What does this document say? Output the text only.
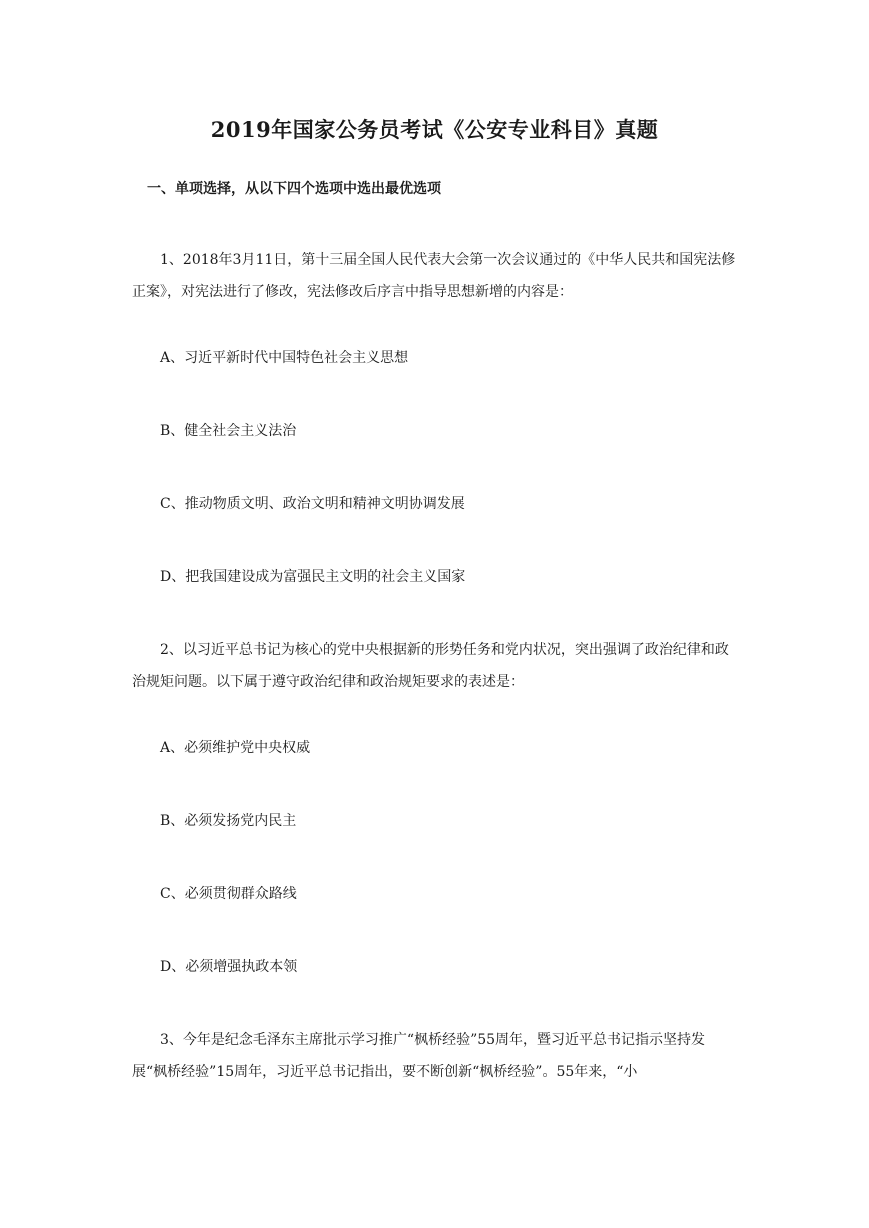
2019年国家公务员考试《公安专业科目》真题
一、单项选择，从以下四个选项中选出最优选项

1、2018年3月11日，第十三届全国人民代表大会第一次会议通过的《中华人民共和国宪法修正案》，对宪法进行了修改，宪法修改后序言中指导思想新增的内容是：

A、习近平新时代中国特色社会主义思想

B、健全社会主义法治

C、推动物质文明、政治文明和精神文明协调发展

D、把我国建设成为富强民主文明的社会主义国家

2、以习近平总书记为核心的党中央根据新的形势任务和党内状况，突出强调了政治纪律和政治规矩问题。以下属于遵守政治纪律和政治规矩要求的表述是：

A、必须维护党中央权威

B、必须发扬党内民主

C、必须贯彻群众路线

D、必须增强执政本领

3、今年是纪念毛泽东主席批示学习推广“枫桥经验”55周年，暨习近平总书记指示坚持发展“枫桥经验”15周年，习近平总书记指出，要不断创新“枫桥经验”。55年来，“小
